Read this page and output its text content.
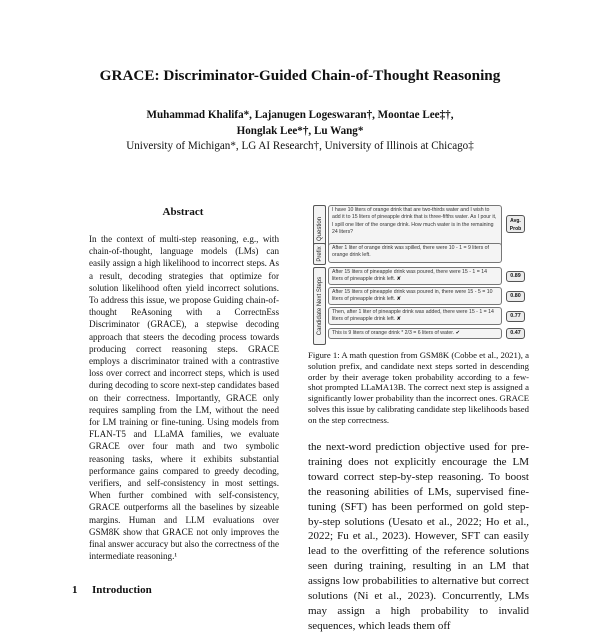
GRACE: Discriminator-Guided Chain-of-Thought Reasoning
Muhammad Khalifa*, Lajanugen Logeswaran†, Moontae Lee‡†,
Honglak Lee*†, Lu Wang*
University of Michigan*, LG AI Research†, University of Illinois at Chicago‡
Abstract

In the context of multi-step reasoning, e.g., with chain-of-thought, language models (LMs) can easily assign a high likelihood to incorrect steps. As a result, decoding strategies that optimize for solution likelihood often yield incorrect solutions. To address this issue, we propose Guiding chain-of-thought ReAsoning with a CorrectnEss Discriminator (GRACE), a stepwise decoding approach that steers the decoding process towards producing correct reasoning steps. GRACE employs a discriminator trained with a contrastive loss over correct and incorrect steps, which is used during decoding to score next-step candidates based on their correctness. Importantly, GRACE only requires sampling from the LM, without the need for LM training or fine-tuning. Using models from FLAN-T5 and LLaMA families, we evaluate GRACE over four math and two symbolic reasoning tasks, where it exhibits substantial performance gains compared to greedy decoding, verifiers, and self-consistency in most settings. When further combined with self-consistency, GRACE outperforms all the baselines by sizeable margins. Human and LLM evaluations over GSM8K show that GRACE not only improves the final answer accuracy but also the correctness of the intermediate reasoning.¹

1 Introduction
Question
I have 10 liters of orange drink that are two-thirds water and I wish to add it to 15 liters of pineapple drink that is three-fifths water. As I pour it, I spill one liter of the orange drink. How much water is in the remaining 24 liters?
Avg. Prob
Prefix	After 1 liter of orange drink was spilled, there were 10 - 1 = 9 liters of orange drink left.
Candidate Next Steps
After 15 liters of pineapple drink was poured, there were 15 - 1 = 14 liters of pineapple drink left. ✘
0.89
After 15 liters of pineapple drink was poured in, there were 15 - 5 = 10 liters of pineapple drink left. ✘
0.80
Then, after 1 liter of pineapple drink was added, there were 15 - 1 = 14 liters of pineapple drink left. ✘
0.77
This is 9 liters of orange drink * 2/3 = 6 liters of water. ✔	0.47
Figure 1: A math question from GSM8K (Cobbe et al., 2021), a solution prefix, and candidate next steps sorted in descending order by their average token probability according to a few-shot prompted LLaMA13B. The correct next step is assigned a significantly lower probability than the incorrect ones. GRACE solves this issue by calibrating candidate step likelihoods based on the step correctness.

the next-word prediction objective used for pre-training does not explicitly encourage the LM toward correct step-by-step reasoning. To boost the reasoning abilities of LMs, supervised fine-tuning (SFT) has been performed on gold step-by-step solutions (Uesato et al., 2022; Ho et al., 2022; Fu et al., 2023). However, SFT can easily lead to the overfitting of the reference solutions seen during training, resulting in an LM that assigns low probabilities to alternative but correct solutions (Ni et al., 2023). Concurrently, LMs may assign a high probability to invalid sequences, which leads them off
